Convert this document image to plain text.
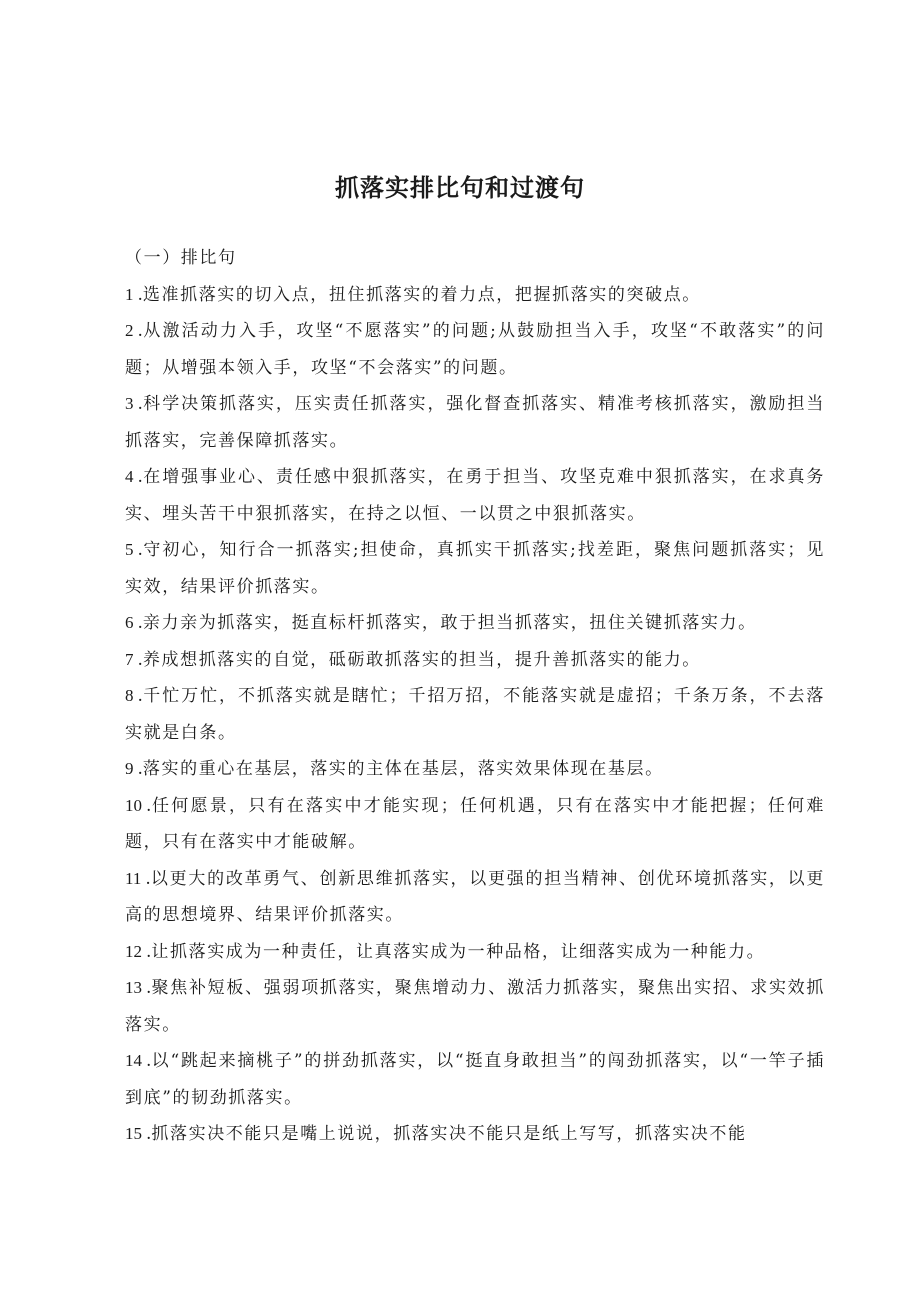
抓落实排比句和过渡句

（一）排比句

1 .选准抓落实的切入点，扭住抓落实的着力点，把握抓落实的突破点。

2 .从激活动力入手，攻坚“不愿落实”的问题;从鼓励担当入手，攻坚“不敢落实”的问题；从增强本领入手，攻坚“不会落实”的问题。

3 .科学决策抓落实，压实责任抓落实，强化督查抓落实、精准考核抓落实，激励担当抓落实，完善保障抓落实。

4 .在增强事业心、责任感中狠抓落实，在勇于担当、攻坚克难中狠抓落实，在求真务实、埋头苦干中狠抓落实，在持之以恒、一以贯之中狠抓落实。

5 .守初心，知行合一抓落实;担使命，真抓实干抓落实;找差距，聚焦问题抓落实；见实效，结果评价抓落实。

6 .亲力亲为抓落实，挺直标杆抓落实，敢于担当抓落实，扭住关键抓落实力。

7 .养成想抓落实的自觉，砥砺敢抓落实的担当，提升善抓落实的能力。

8 .千忙万忙，不抓落实就是瞎忙；千招万招，不能落实就是虚招；千条万条，不去落实就是白条。

9 .落实的重心在基层，落实的主体在基层，落实效果体现在基层。

10 .任何愿景，只有在落实中才能实现；任何机遇，只有在落实中才能把握；任何难题，只有在落实中才能破解。

11 .以更大的改革勇气、创新思维抓落实，以更强的担当精神、创优环境抓落实，以更高的思想境界、结果评价抓落实。

12 .让抓落实成为一种责任，让真落实成为一种品格，让细落实成为一种能力。

13 .聚焦补短板、强弱项抓落实，聚焦增动力、激活力抓落实，聚焦出实招、求实效抓落实。

14 .以“跳起来摘桃子”的拼劲抓落实，以“挺直身敢担当”的闯劲抓落实，以“一竿子插到底”的韧劲抓落实。

15 .抓落实决不能只是嘴上说说，抓落实决不能只是纸上写写，抓落实决不能
